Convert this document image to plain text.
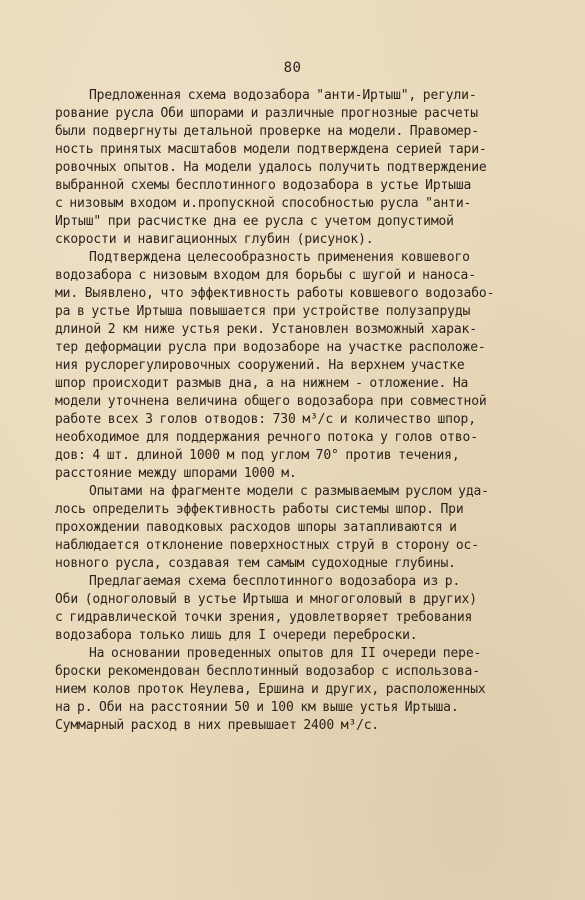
80
Предложенная схема водозабора "анти-Иртыш", регули-
рование русла Оби шпорами и различные прогнозные расчеты
были подвергнуты детальной проверке на модели. Правомер-
ность принятых масштабов модели подтверждена серией тари-
ровочных опытов. На модели удалось получить подтверждение
выбранной схемы бесплотинного водозабора в устье Иртыша
с низовым входом и.пропускной способностью русла "анти-
Иртыш" при расчистке дна ее русла с учетом допустимой
скорости и навигационных глубин (рисунок).
Подтверждена целесообразность применения ковшевого
водозабора с низовым входом для борьбы с шугой и наноса-
ми. Выявлено, что эффективность работы ковшевого водозабо-
ра в устье Иртыша повышается при устройстве полузапруды
длиной 2 км ниже устья реки. Установлен возможный харак-
тер деформации русла при водозаборе на участке расположе-
ния руслорегулировочных сооружений. На верхнем участке
шпор происходит размыв дна, а на нижнем - отложение. На
модели уточнена величина общего водозабора при совместной
работе всех 3 голов отводов: 730 м³/с и количество шпор,
необходимое для поддержания речного потока у голов отво-
дов: 4 шт. длиной 1000 м под углом 70° против течения,
расстояние между шпорами 1000 м.
Опытами на фрагменте модели с размываемым руслом уда-
лось определить эффективность работы системы шпор. При
прохождении паводковых расходов шпоры затапливаются и
наблюдается отклонение поверхностных струй в сторону ос-
новного русла, создавая тем самым судоходные глубины.
Предлагаемая схема бесплотинного водозабора из р.
Оби (одноголовый в устье Иртыша и многоголовый в других)
с гидравлической точки зрения, удовлетворяет требования
водозабора только лишь для I очереди переброски.
На основании проведенных опытов для II очереди пере-
броски рекомендован бесплотинный водозабор с использова-
нием колов проток Неулева, Ершина и других, расположенных
на р. Оби на расстоянии 50 и 100 км выше устья Иртыша.
Суммарный расход в них превышает 2400 м³/с.
